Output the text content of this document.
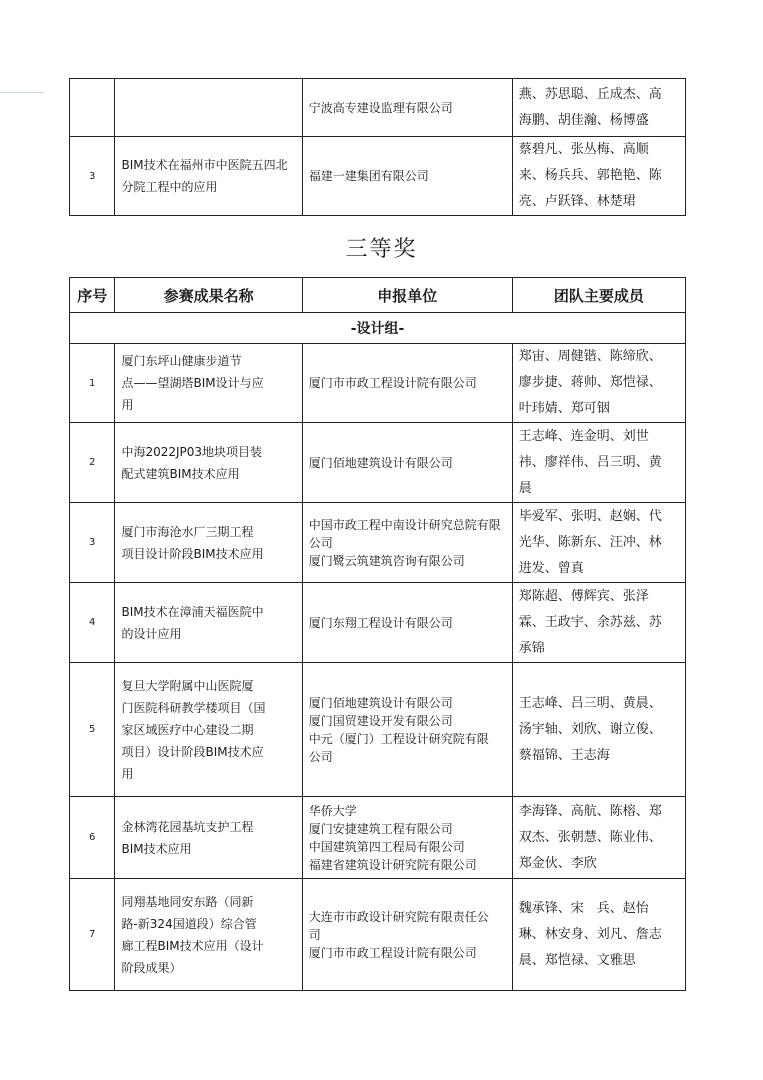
		宁波高专建设监理有限公司	燕、苏思聪、丘成杰、高
海鹏、胡佳瀚、杨博盛

3	BIM技术在福州市中医院五四北
分院工程中的应用	福建一建集团有限公司	蔡碧凡、张丛梅、高顺
来、杨兵兵、郭艳艳、陈
亮、卢跃锋、林楚珺
三等奖
序号	参赛成果名称	申报单位	团队主要成员
-设计组-			
1	厦门东坪山健康步道节
点——望湖塔BIM设计与应
用	厦门市市政工程设计院有限公司	郑宙、周健锴、陈缔欣、
廖步捷、蒋帅、郑恺禄、
叶玮婧、郑可铟

2	中海2022JP03地块项目装
配式建筑BIM技术应用	厦门佰地建筑设计有限公司	王志峰、连金明、刘世
祎、廖祥伟、吕三明、黄
晨

3	厦门市海沧水厂三期工程
项目设计阶段BIM技术应用	中国市政工程中南设计研究总院有限
公司
厦门鹭云筑建筑咨询有限公司	毕爱军、张明、赵娴、代
光华、陈新东、汪冲、林
进发、曾真

4	BIM技术在漳浦天福医院中
的设计应用	厦门东翔工程设计有限公司	郑陈超、傅辉宾、张泽
霖、王政宇、余苏兹、苏
承锦

5	复旦大学附属中山医院厦
门医院科研教学楼项目（国
家区域医疗中心建设二期
项目）设计阶段BIM技术应
用	厦门佰地建筑设计有限公司
厦门国贸建设开发有限公司
中元（厦门）工程设计研究院有限
公司	王志峰、吕三明、黄晨、
汤宇轴、刘欣、谢立俊、
蔡福锦、王志海

6	金林湾花园基坑支护工程
BIM技术应用	华侨大学
厦门安捷建筑工程有限公司
中国建筑第四工程局有限公司
福建省建筑设计研究院有限公司	李海锋、高航、陈榕、郑
双杰、张朝慧、陈业伟、
郑金伙、李欣

7	同翔基地同安东路（同新
路-新324国道段）综合管
廊工程BIM技术应用（设计
阶段成果）	大连市市政设计研究院有限责任公
司
厦门市市政工程设计院有限公司	魏承锋、宋　兵、赵怡
琳、林安身、刘凡、詹志
晨、郑恺禄、文雅思
